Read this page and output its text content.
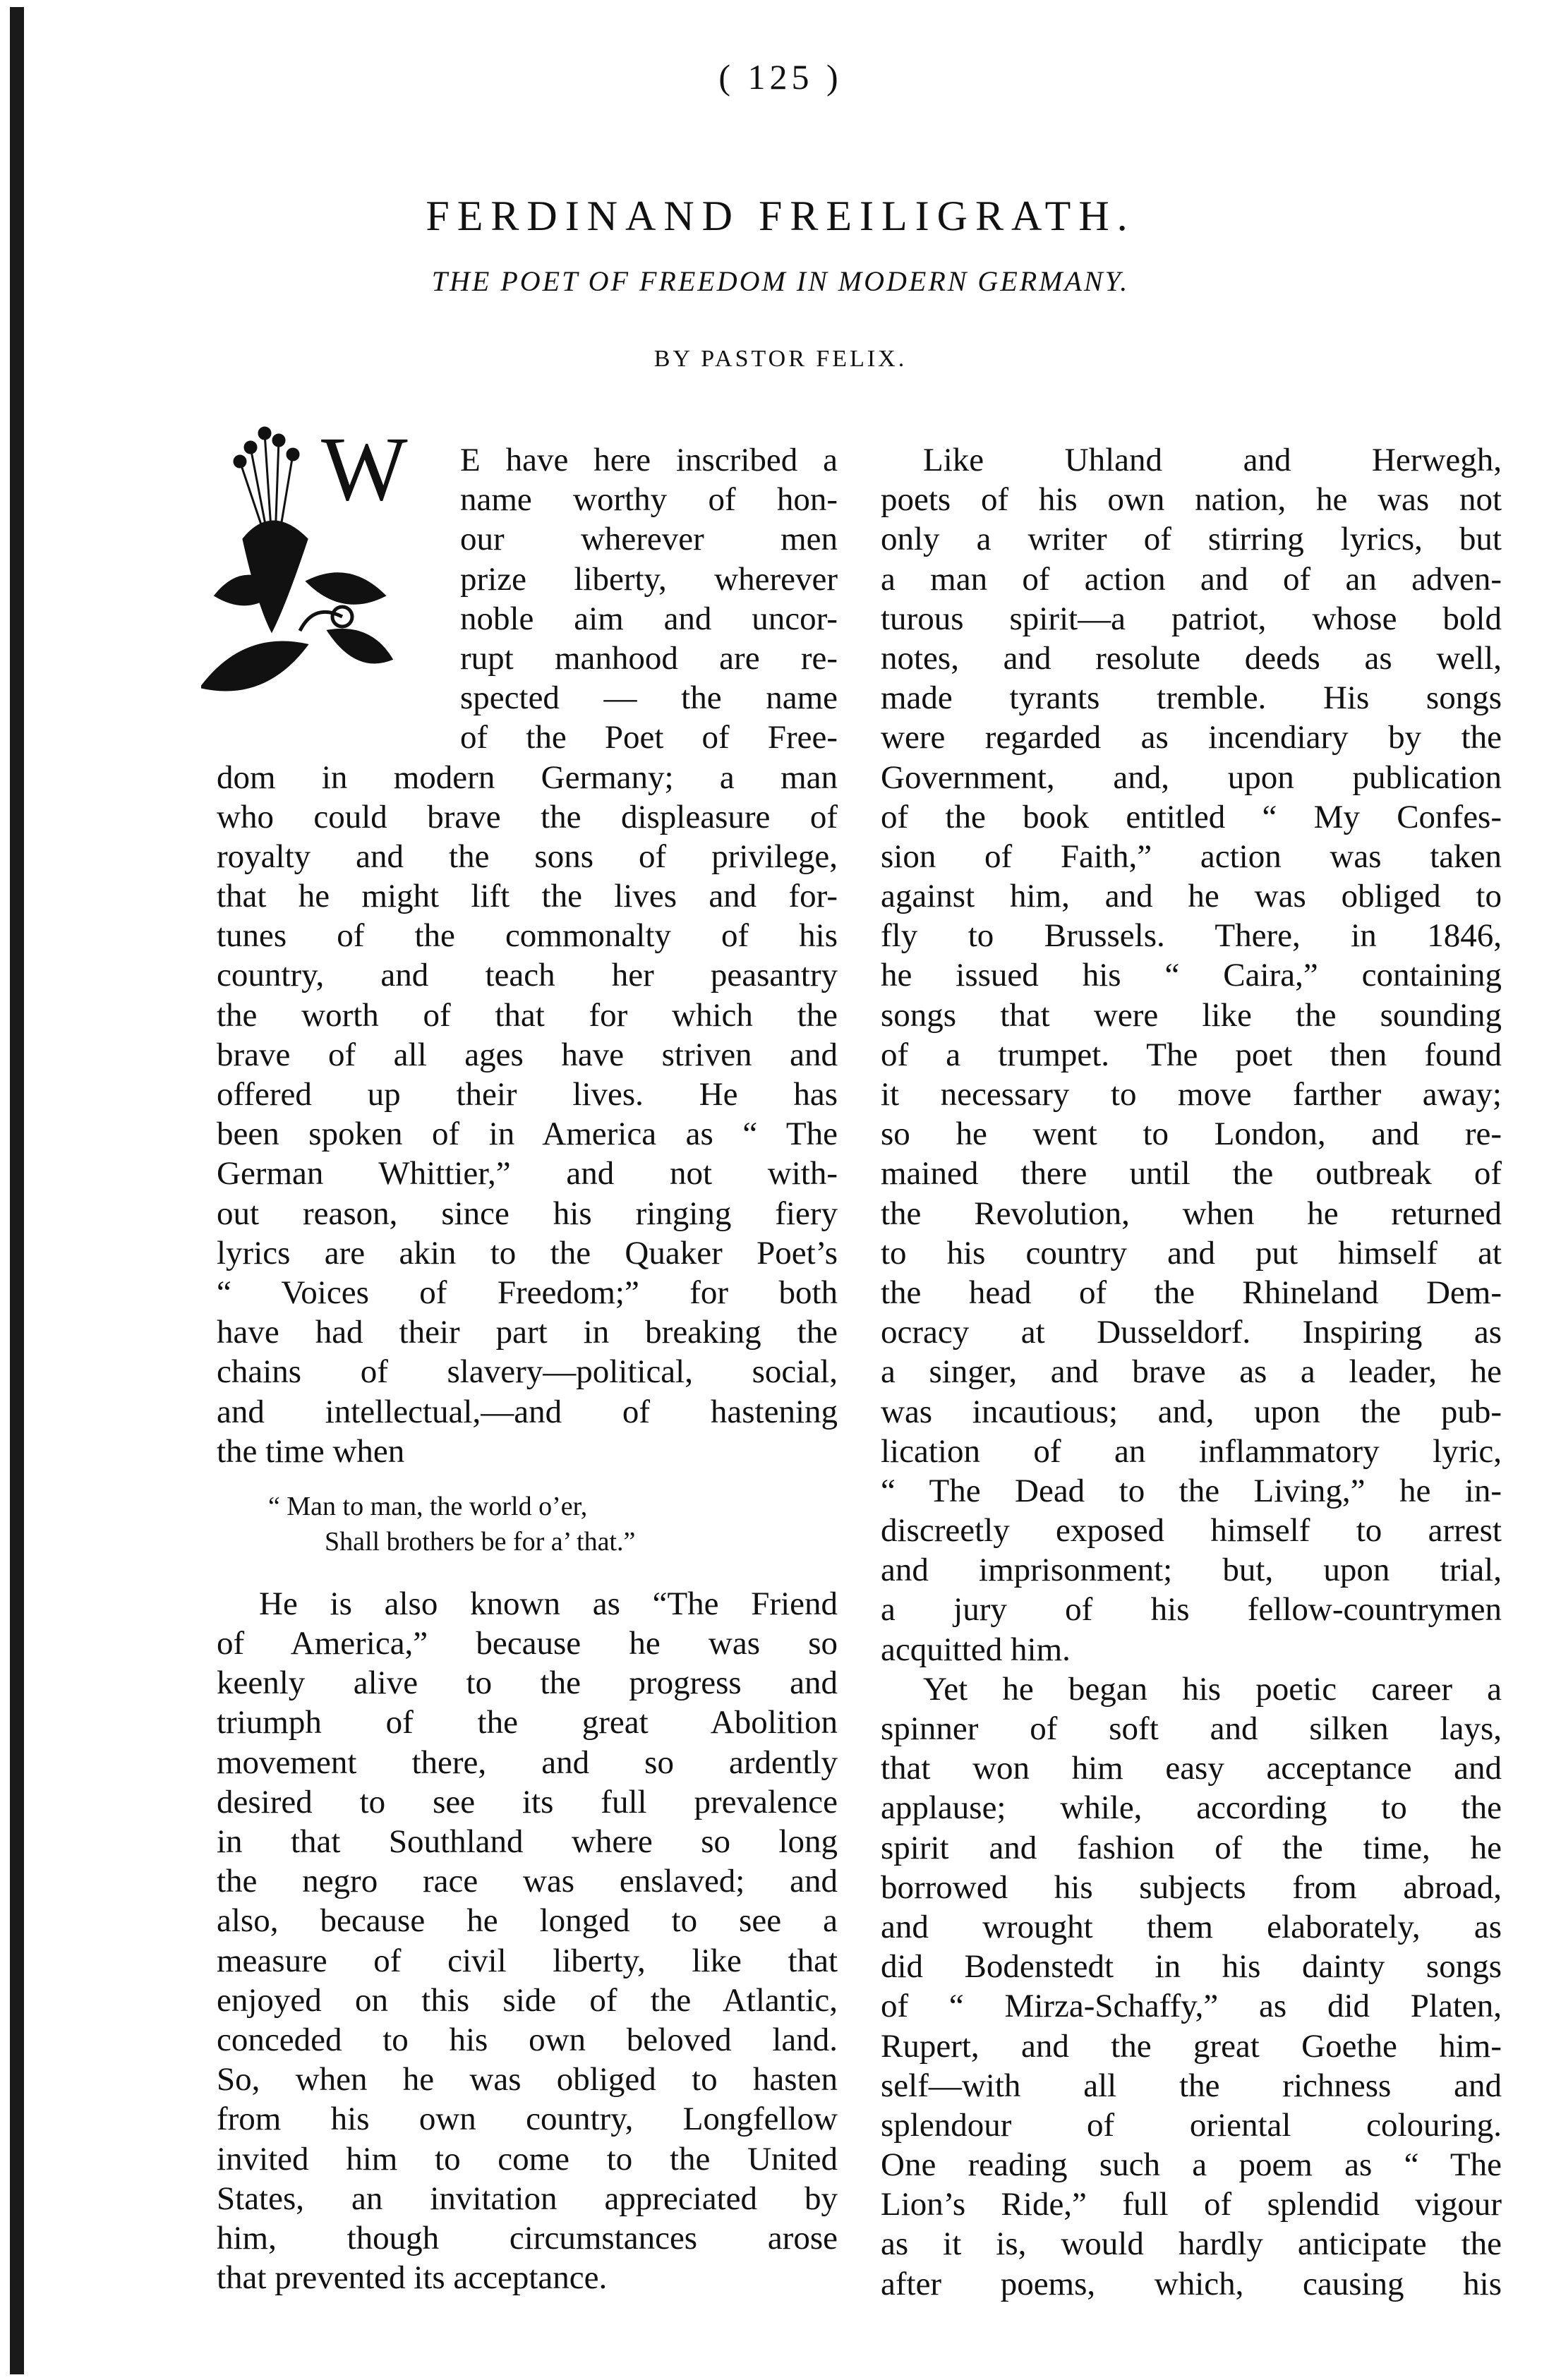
( 125 )
FERDINAND FREILIGRATH.
THE POET OF FREEDOM IN MODERN GERMANY.
BY PASTOR FELIX.
W E have here inscribed a
name worthy of hon-
our wherever men
prize liberty, wherever
noble aim and uncor-
rupt manhood are re-
spected — the name
of the Poet of Free-
dom in modern Germany; a man
who could brave the displeasure of
royalty and the sons of privilege,
that he might lift the lives and for-
tunes of the commonalty of his
country, and teach her peasantry
the worth of that for which the
brave of all ages have striven and
offered up their lives. He has
been spoken of in America as “ The
German Whittier,” and not with-
out reason, since his ringing fiery
lyrics are akin to the Quaker Poet’s
“ Voices of Freedom;” for both
have had their part in breaking the
chains of slavery—political, social,
and intellectual,—and of hastening
the time when
He is also known as “The Friend
of America,” because he was so
keenly alive to the progress and
triumph of the great Abolition
movement there, and so ardently
desired to see its full prevalence
in that Southland where so long
the negro race was enslaved; and
also, because he longed to see a
measure of civil liberty, like that
enjoyed on this side of the Atlantic,
conceded to his own beloved land.
So, when he was obliged to hasten
from his own country, Longfellow
invited him to come to the United
States, an invitation appreciated by
him, though circumstances arose
that prevented its acceptance.
“ Man to man, the world o’er,
Shall brothers be for a’ that.”
Like Uhland and Herwegh,
poets of his own nation, he was not
only a writer of stirring lyrics, but
a man of action and of an adven-
turous spirit—a patriot, whose bold
notes, and resolute deeds as well,
made tyrants tremble. His songs
were regarded as incendiary by the
Government, and, upon publication
of the book entitled “ My Confes-
sion of Faith,” action was taken
against him, and he was obliged to
fly to Brussels. There, in 1846,
he issued his “ Caira,” containing
songs that were like the sounding
of a trumpet. The poet then found
it necessary to move farther away;
so he went to London, and re-
mained there until the outbreak of
the Revolution, when he returned
to his country and put himself at
the head of the Rhineland Dem-
ocracy at Dusseldorf. Inspiring as
a singer, and brave as a leader, he
was incautious; and, upon the pub-
lication of an inflammatory lyric,
“ The Dead to the Living,” he in-
discreetly exposed himself to arrest
and imprisonment; but, upon trial,
a jury of his fellow-countrymen
acquitted him.
Yet he began his poetic career a
spinner of soft and silken lays,
that won him easy acceptance and
applause; while, according to the
spirit and fashion of the time, he
borrowed his subjects from abroad,
and wrought them elaborately, as
did Bodenstedt in his dainty songs
of “ Mirza-Schaffy,” as did Platen,
Rupert, and the great Goethe him-
self—with all the richness and
splendour of oriental colouring.
One reading such a poem as “ The
Lion’s Ride,” full of splendid vigour
as it is, would hardly anticipate the
after poems, which, causing his
